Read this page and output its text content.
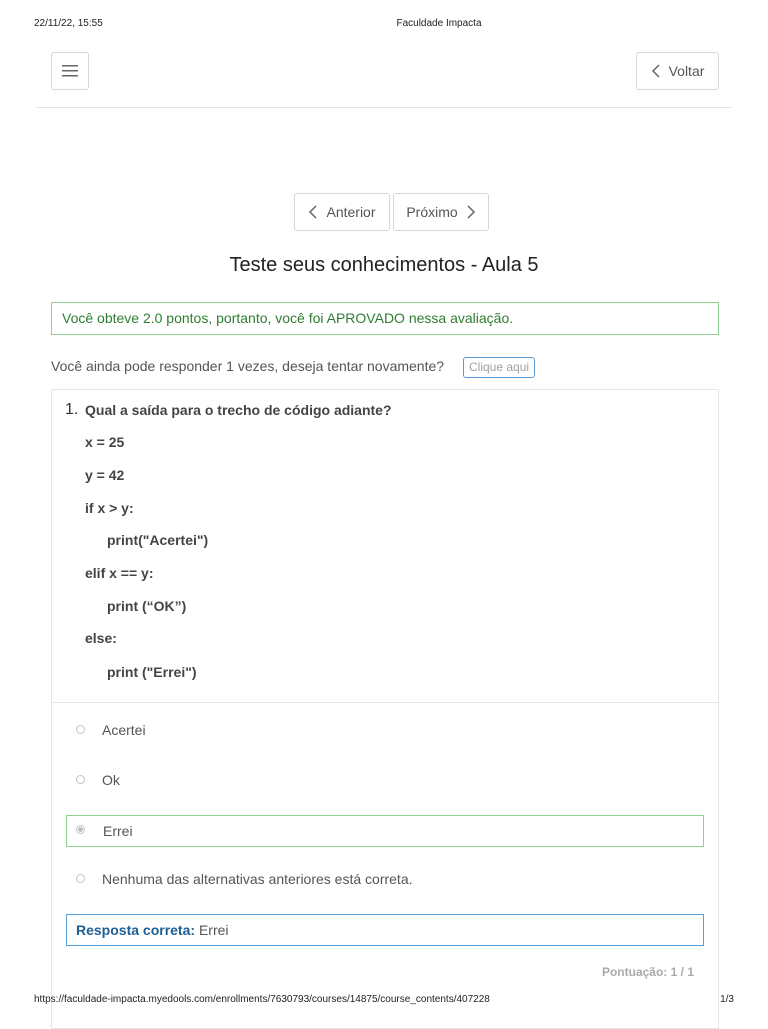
22/11/22, 15:55	Faculdade Impacta
Voltar
Anterior Próximo
Teste seus conhecimentos - Aula 5
Você obteve 2.0 pontos, portanto, você foi APROVADO nessa avaliação.
Você ainda pode responder 1 vezes, deseja tentar novamente?	Clique aqui
1. Qual a saída para o trecho de código adiante?
x = 25
y = 42
if x > y:
print("Acertei")
elif x == y:
print (“OK”)
else:
print ("Errei")
Acertei
Ok
Errei
Nenhuma das alternativas anteriores está correta.
Resposta correta: Errei
Pontuação: 1 / 1
https://faculdade-impacta.myedools.com/enrollments/7630793/courses/14875/course_contents/407228	1/3
